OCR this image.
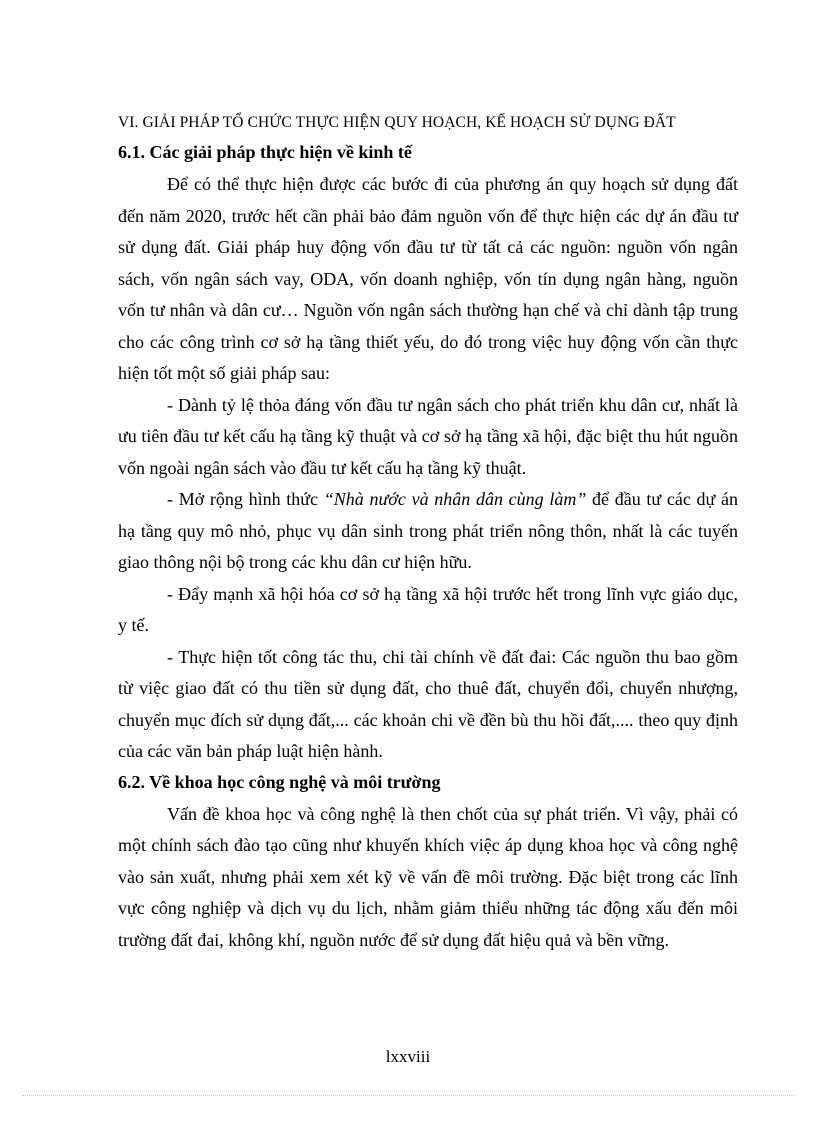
VI. GIẢI PHÁP TỔ CHỨC THỰC HIỆN QUY HOẠCH, KẾ HOẠCH SỬ DỤNG ĐẤT

6.1. Các giải pháp thực hiện về kinh tế

Để có thể thực hiện được các bước đi của phương án quy hoạch sử dụng đất đến năm 2020, trước hết cần phải bảo đảm nguồn vốn để thực hiện các dự án đầu tư sử dụng đất. Giải pháp huy động vốn đầu tư từ tất cả các nguồn: nguồn vốn ngân sách, vốn ngân sách vay, ODA, vốn doanh nghiệp, vốn tín dụng ngân hàng, nguồn vốn tư nhân và dân cư… Nguồn vốn ngân sách thường hạn chế và chỉ dành tập trung cho các công trình cơ sở hạ tầng thiết yếu, do đó trong việc huy động vốn cần thực hiện tốt một số giải pháp sau:

- Dành tỷ lệ thỏa đáng vốn đầu tư ngân sách cho phát triển khu dân cư, nhất là ưu tiên đầu tư kết cấu hạ tầng kỹ thuật và cơ sở hạ tầng xã hội, đặc biệt thu hút nguồn vốn ngoài ngân sách vào đầu tư kết cấu hạ tầng kỹ thuật.

- Mở rộng hình thức “Nhà nước và nhân dân cùng làm” để đầu tư các dự án hạ tầng quy mô nhỏ, phục vụ dân sinh trong phát triển nông thôn, nhất là các tuyến giao thông nội bộ trong các khu dân cư hiện hữu.

- Đẩy mạnh xã hội hóa cơ sở hạ tầng xã hội trước hết trong lĩnh vực giáo dục, y tế.

- Thực hiện tốt công tác thu, chi tài chính về đất đai: Các nguồn thu bao gồm từ việc giao đất có thu tiền sử dụng đất, cho thuê đất, chuyển đổi, chuyển nhượng, chuyển mục đích sử dụng đất,... các khoản chi về đền bù thu hồi đất,.... theo quy định của các văn bản pháp luật hiện hành.

6.2. Về khoa học công nghệ và môi trường

Vấn đề khoa học và công nghệ là then chốt của sự phát triển. Vì vậy, phải có một chính sách đào tạo cũng như khuyến khích việc áp dụng khoa học và công nghệ vào sản xuất, nhưng phải xem xét kỹ về vấn đề môi trường. Đặc biệt trong các lĩnh vực công nghiệp và dịch vụ du lịch, nhằm giảm thiểu những tác động xấu đến môi trường đất đai, không khí, nguồn nước để sử dụng đất hiệu quả và bền vững.

lxxviii
